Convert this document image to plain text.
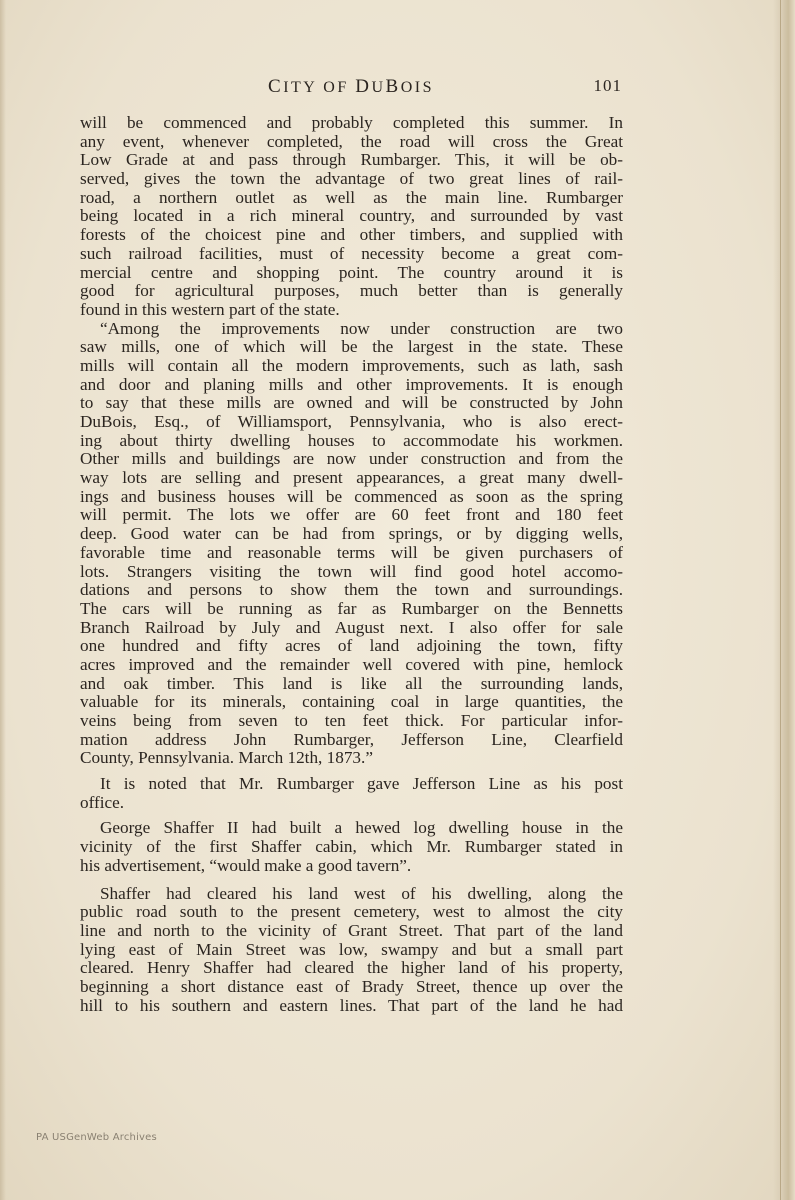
CITY OF DUBOIS	101
will be commenced and probably completed this summer. In
any event, whenever completed, the road will cross the Great
Low Grade at and pass through Rumbarger. This, it will be ob-
served, gives the town the advantage of two great lines of rail-
road, a northern outlet as well as the main line. Rumbarger
being located in a rich mineral country, and surrounded by vast
forests of the choicest pine and other timbers, and supplied with
such railroad facilities, must of necessity become a great com-
mercial centre and shopping point. The country around it is
good for agricultural purposes, much better than is generally
found in this western part of the state.
“Among the improvements now under construction are two
saw mills, one of which will be the largest in the state. These
mills will contain all the modern improvements, such as lath, sash
and door and planing mills and other improvements. It is enough
to say that these mills are owned and will be constructed by John
DuBois, Esq., of Williamsport, Pennsylvania, who is also erect-
ing about thirty dwelling houses to accommodate his workmen.
Other mills and buildings are now under construction and from the
way lots are selling and present appearances, a great many dwell-
ings and business houses will be commenced as soon as the spring
will permit. The lots we offer are 60 feet front and 180 feet
deep. Good water can be had from springs, or by digging wells,
favorable time and reasonable terms will be given purchasers of
lots. Strangers visiting the town will find good hotel accomo-
dations and persons to show them the town and surroundings.
The cars will be running as far as Rumbarger on the Bennetts
Branch Railroad by July and August next. I also offer for sale
one hundred and fifty acres of land adjoining the town, fifty
acres improved and the remainder well covered with pine, hemlock
and oak timber. This land is like all the surrounding lands,
valuable for its minerals, containing coal in large quantities, the
veins being from seven to ten feet thick. For particular infor-
mation address John Rumbarger, Jefferson Line, Clearfield
County, Pennsylvania. March 12th, 1873.”
It is noted that Mr. Rumbarger gave Jefferson Line as his post
office.
George Shaffer II had built a hewed log dwelling house in the
vicinity of the first Shaffer cabin, which Mr. Rumbarger stated in
his advertisement, “would make a good tavern”.
Shaffer had cleared his land west of his dwelling, along the
public road south to the present cemetery, west to almost the city
line and north to the vicinity of Grant Street. That part of the land
lying east of Main Street was low, swampy and but a small part
cleared. Henry Shaffer had cleared the higher land of his property,
beginning a short distance east of Brady Street, thence up over the
hill to his southern and eastern lines. That part of the land he had
PA USGenWeb Archives
